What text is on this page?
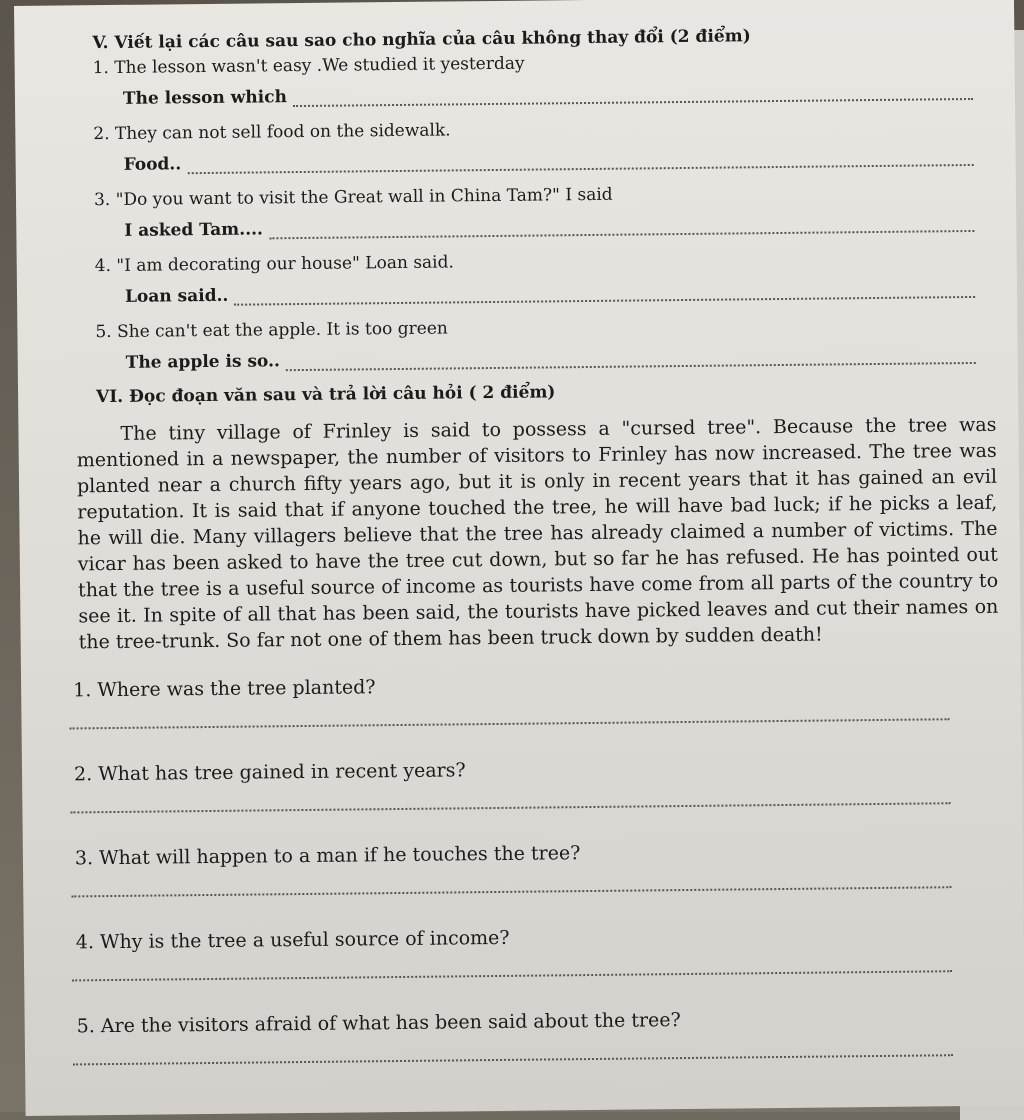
V. Viết lại các câu sau sao cho nghĩa của câu không thay đổi (2 điểm)

1. The lesson wasn't easy .We studied it yesterday

The lesson which

2. They can not sell food on the sidewalk.

Food..

3. "Do you want to visit the Great wall in China Tam?" I said

I asked Tam....

4. "I am decorating our house" Loan said.

Loan said..

5. She can't eat the apple. It is too green

The apple is so..

VI. Đọc đoạn văn sau và trả lời câu hỏi ( 2 điểm)

The tiny village of Frinley is said to possess a "cursed tree". Because the tree was mentioned in a newspaper, the number of visitors to Frinley has now increased. The tree was planted near a church fifty years ago, but it is only in recent years that it has gained an evil reputation. It is said that if anyone touched the tree, he will have bad luck; if he picks a leaf, he will die. Many villagers believe that the tree has already claimed a number of victims. The vicar has been asked to have the tree cut down, but so far he has refused. He has pointed out that the tree is a useful source of income as tourists have come from all parts of the country to see it. In spite of all that has been said, the tourists have picked leaves and cut their names on the tree-trunk. So far not one of them has been truck down by sudden death!

1. Where was the tree planted?

2. What has tree gained in recent years?

3. What will happen to a man if he touches the tree?

4. Why is the tree a useful source of income?

5. Are the visitors afraid of what has been said about the tree?
